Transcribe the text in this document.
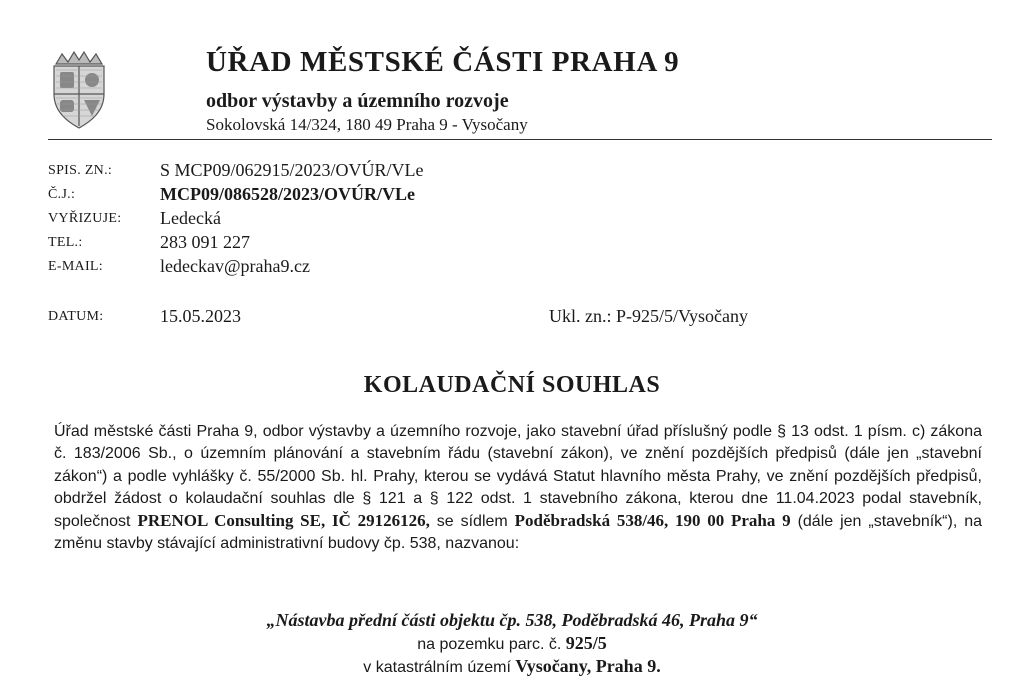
ÚŘAD MĚSTSKÉ ČÁSTI PRAHA 9
odbor výstavby a územního rozvoje
Sokolovská 14/324, 180 49 Praha 9 - Vysočany
SPIS. ZN.:	S MCP09/062915/2023/OVÚR/VLe
Č.J.:	MCP09/086528/2023/OVÚR/VLe
VYŘIZUJE: Ledecká
TEL.:	283 091 227
E-MAIL:	ledeckav@praha9.cz
DATUM:	15.05.2023	Ukl. zn.: P-925/5/Vysočany
KOLAUDAČNÍ SOUHLAS
Úřad městské části Praha 9, odbor výstavby a územního rozvoje, jako stavební úřad příslušný podle § 13 odst. 1 písm. c) zákona č. 183/2006 Sb., o územním plánování a stavebním řádu (stavební zákon), ve znění pozdějších předpisů (dále jen „stavební zákon“) a podle vyhlášky č. 55/2000 Sb. hl. Prahy, kterou se vydává Statut hlavního města Prahy, ve znění pozdějších předpisů, obdržel žádost o kolaudační souhlas dle § 121 a § 122 odst. 1 stavebního zákona, kterou dne 11.04.2023 podal stavebník, společnost PRENOL Consulting SE, IČ 29126126, se sídlem Poděbradská 538/46, 190 00 Praha 9 (dále jen „stavebník“), na změnu stavby stávající administrativní budovy čp. 538, nazvanou:
„Nástavba přední části objektu čp. 538, Poděbradská 46, Praha 9“
na pozemku parc. č. 925/5
v katastrálním území Vysočany, Praha 9.
